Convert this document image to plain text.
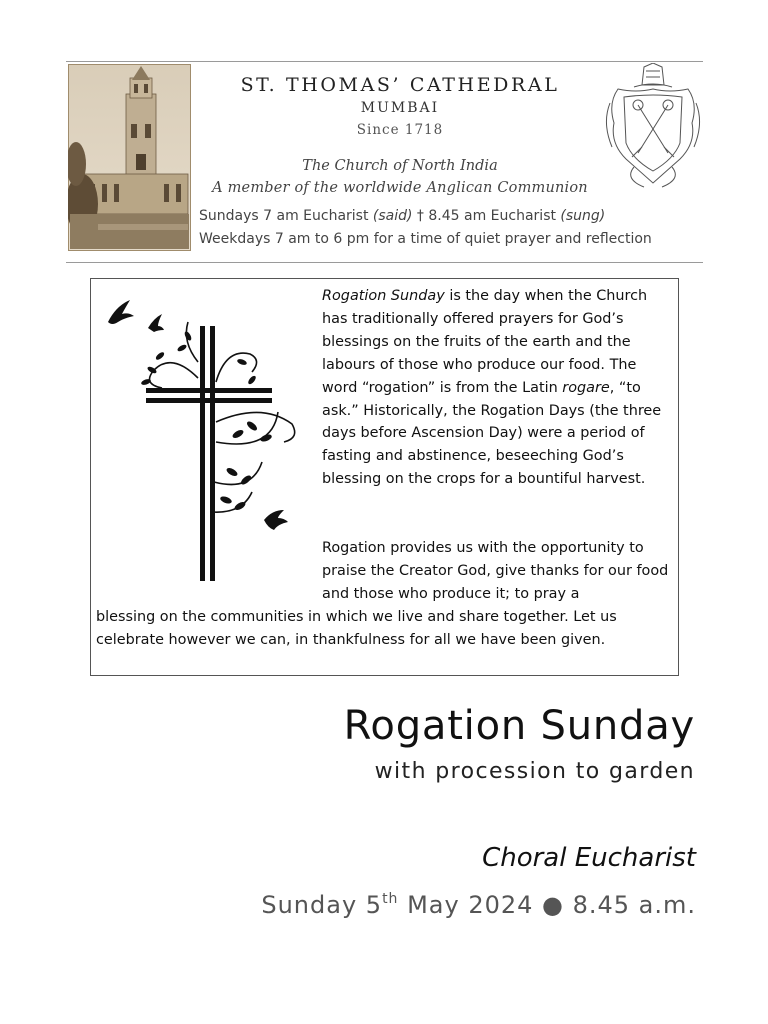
ST. THOMAS’ CATHEDRAL
MUMBAI
Since 1718
The Church of North India
A member of the worldwide Anglican Communion
Sundays 7 am Eucharist (said) † 8.45 am Eucharist (sung)
Weekdays 7 am to 6 pm for a time of quiet prayer and reflection
Rogation Sunday is the day when the Church has traditionally offered prayers for God’s blessings on the fruits of the earth and the labours of those who produce our food. The word “rogation” is from the Latin rogare, “to ask.” Historically, the Rogation Days (the three days before Ascension Day) were a period of fasting and abstinence, beseeching God’s blessing on the crops for a bountiful harvest.
Rogation provides us with the opportunity to praise the Creator God, give thanks for our food and those who produce it; to pray a
blessing on the communities in which we live and share together. Let us
celebrate however we can, in thankfulness for all we have been given.
Rogation Sunday
with procession to garden
Choral Eucharist
Sunday 5th May 2024 ● 8.45 a.m.
